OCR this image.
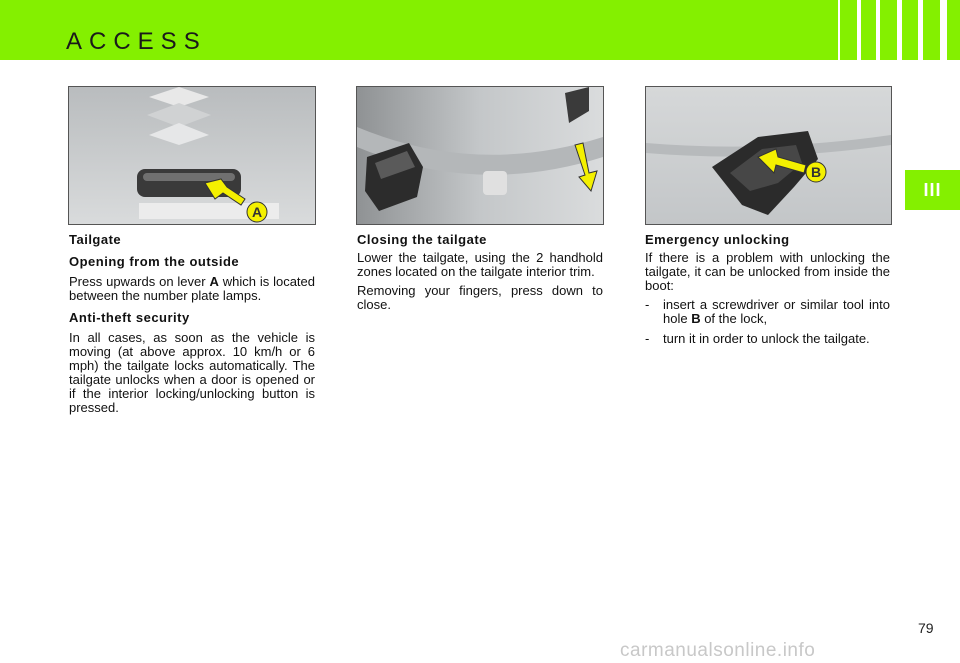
ACCESS
III
A
B
Tailgate
Opening from the outside

Press upwards on lever A which is located between the number plate lamps.

Anti-theft security

In all cases, as soon as the vehicle is moving (at above approx. 10 km/h or 6 mph) the tailgate locks automatically. The tailgate unlocks when a door is opened or if the interior locking/unlocking button is pressed.

Closing the tailgate

Lower the tailgate, using the 2 handhold zones located on the tailgate interior trim.

Removing your fingers, press down to close.

Emergency unlocking

If there is a problem with unlocking the tailgate, it can be unlocked from inside the boot:

- insert a screwdriver or similar tool into hole B of the lock,
- turn it in order to unlock the tailgate.
79
carmanualsonline.info
